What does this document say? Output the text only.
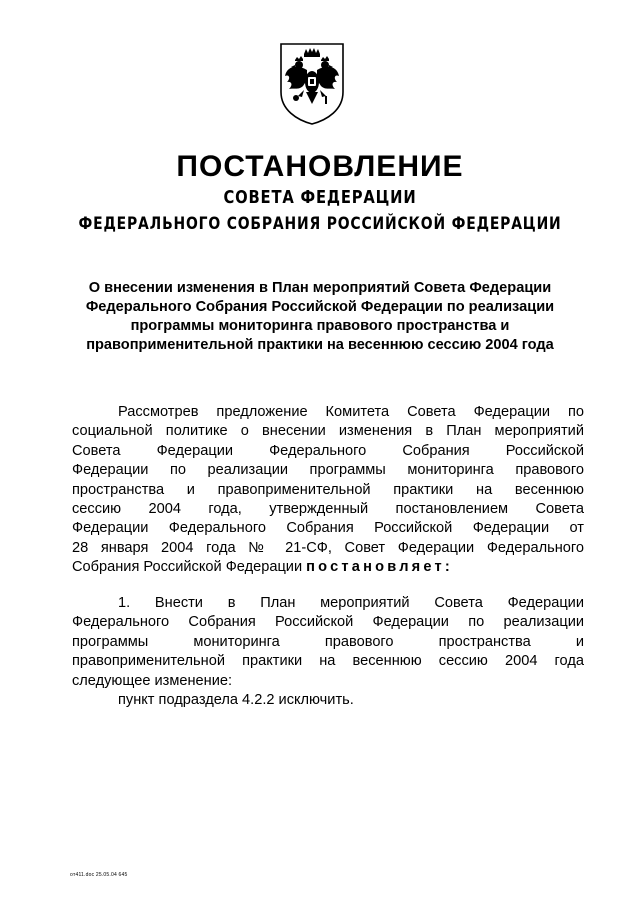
ПОСТАНОВЛЕНИЕ
СОВЕТА ФЕДЕРАЦИИ
ФЕДЕРАЛЬНОГО СОБРАНИЯ РОССИЙСКОЙ ФЕДЕРАЦИИ
О внесении изменения в План мероприятий Совета Федерации
Федерального Собрания Российской Федерации по реализации
программы мониторинга правового пространства и
правоприменительной практики на весеннюю сессию 2004 года
Рассмотрев предложение Комитета Совета Федерации по
социальной политике о внесении изменения в План мероприятий
Совета Федерации Федерального Собрания Российской
Федерации по реализации программы мониторинга правового
пространства и правоприменительной практики на весеннюю
сессию 2004 года, утвержденный постановлением Совета
Федерации Федерального Собрания Российской Федерации от
28 января 2004 года № 21-СФ, Совет Федерации Федерального
Собрания Российской Федерации постановляет:
1. Внести в План мероприятий Совета Федерации
Федерального Собрания Российской Федерации по реализации
программы мониторинга правового пространства и
правоприменительной практики на весеннюю сессию 2004 года
следующее изменение:
пункт подраздела 4.2.2 исключить.
oт411.doc 25.05.04 645
